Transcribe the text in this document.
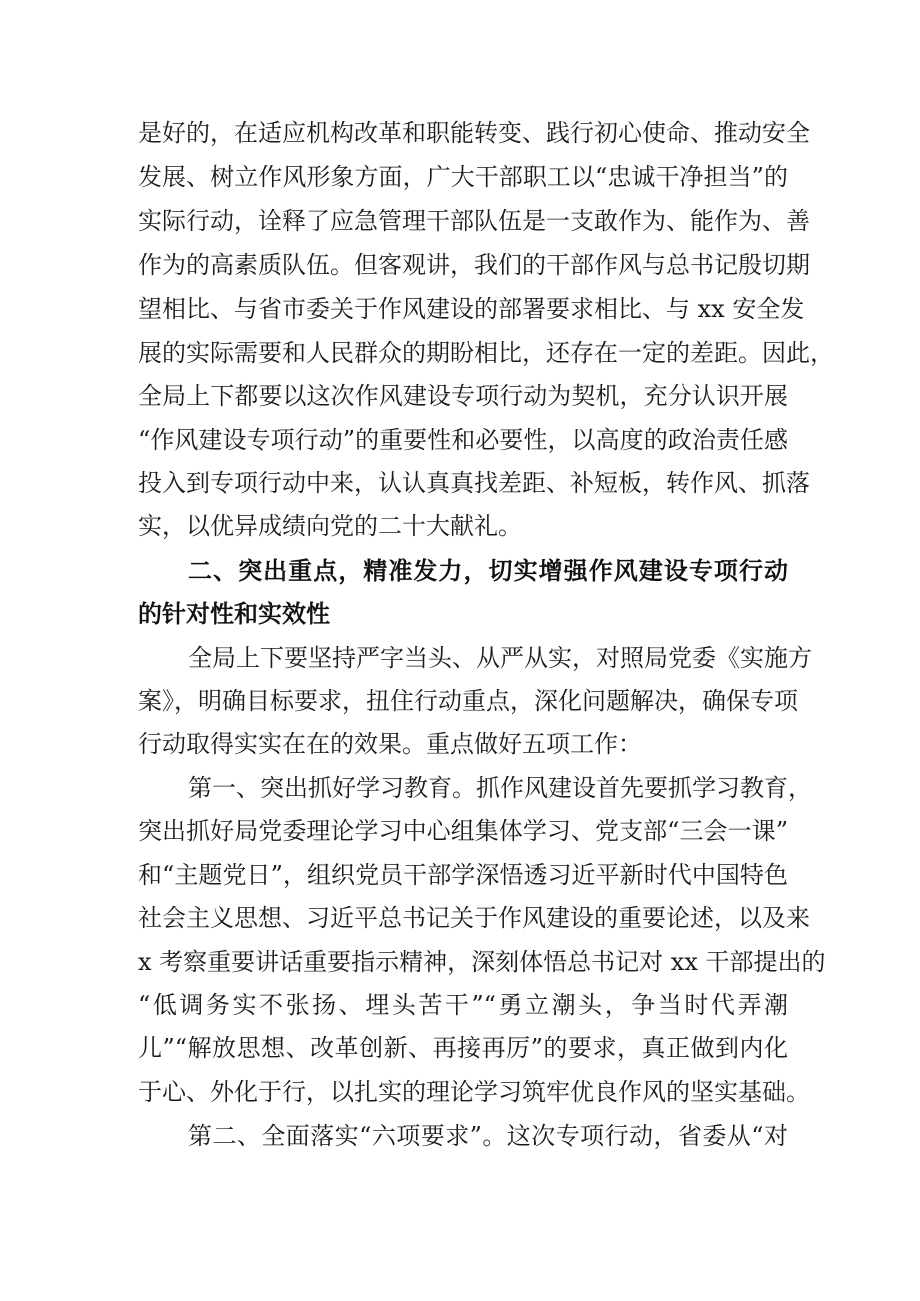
是好的，在适应机构改革和职能转变、践行初心使命、推动安全
发展、树立作风形象方面，广大干部职工以“忠诚干净担当”的
实际行动，诠释了应急管理干部队伍是一支敢作为、能作为、善
作为的高素质队伍。但客观讲，我们的干部作风与总书记殷切期
望相比、与省市委关于作风建设的部署要求相比、与 xx 安全发
展的实际需要和人民群众的期盼相比，还存在一定的差距。因此，
全局上下都要以这次作风建设专项行动为契机，充分认识开展
“作风建设专项行动”的重要性和必要性，以高度的政治责任感
投入到专项行动中来，认认真真找差距、补短板，转作风、抓落
实，以优异成绩向党的二十大献礼。
二、突出重点，精准发力，切实增强作风建设专项行动
的针对性和实效性
全局上下要坚持严字当头、从严从实，对照局党委《实施方
案》，明确目标要求，扭住行动重点，深化问题解决，确保专项
行动取得实实在在的效果。重点做好五项工作：
第一、突出抓好学习教育。抓作风建设首先要抓学习教育，
突出抓好局党委理论学习中心组集体学习、党支部“三会一课”
和“主题党日”，组织党员干部学深悟透习近平新时代中国特色
社会主义思想、习近平总书记关于作风建设的重要论述，以及来
x 考察重要讲话重要指示精神，深刻体悟总书记对 xx 干部提出的
“低调务实不张扬、埋头苦干”“勇立潮头，争当时代弄潮
儿”“解放思想、改革创新、再接再厉”的要求，真正做到内化
于心、外化于行，以扎实的理论学习筑牢优良作风的坚实基础。
第二、全面落实“六项要求”。这次专项行动，省委从“对
